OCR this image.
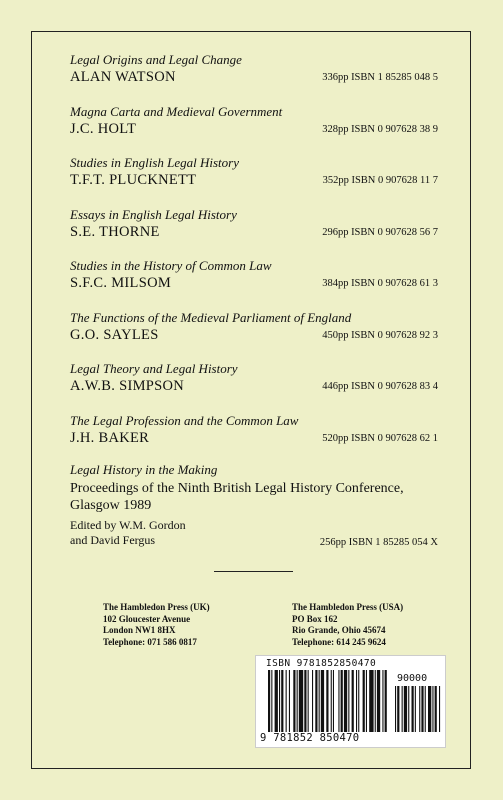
Legal Origins and Legal Change
ALAN WATSON	336pp ISBN 1 85285 048 5
Magna Carta and Medieval Government
J.C. HOLT	328pp ISBN 0 907628 38 9
Studies in English Legal History
T.F.T. PLUCKNETT	352pp ISBN 0 907628 11 7
Essays in English Legal History
S.E. THORNE	296pp ISBN 0 907628 56 7
Studies in the History of Common Law
S.F.C. MILSOM	384pp ISBN 0 907628 61 3
The Functions of the Medieval Parliament of England
G.O. SAYLES	450pp ISBN 0 907628 92 3
Legal Theory and Legal History
A.W.B. SIMPSON	446pp ISBN 0 907628 83 4
The Legal Profession and the Common Law
J.H. BAKER	520pp ISBN 0 907628 62 1
Legal History in the Making
Proceedings of the Ninth British Legal History Conference, Glasgow 1989
Edited by W.M. Gordon
and David Fergus	256pp ISBN 1 85285 054 X
The Hambledon Press (UK)
102 Gloucester Avenue
London NW1 8HX
Telephone: 071 586 0817
The Hambledon Press (USA)
PO Box 162
Rio Grande, Ohio 45674
Telephone: 614 245 9624
ISBN 9781852850470
90000
9 781852 850470
